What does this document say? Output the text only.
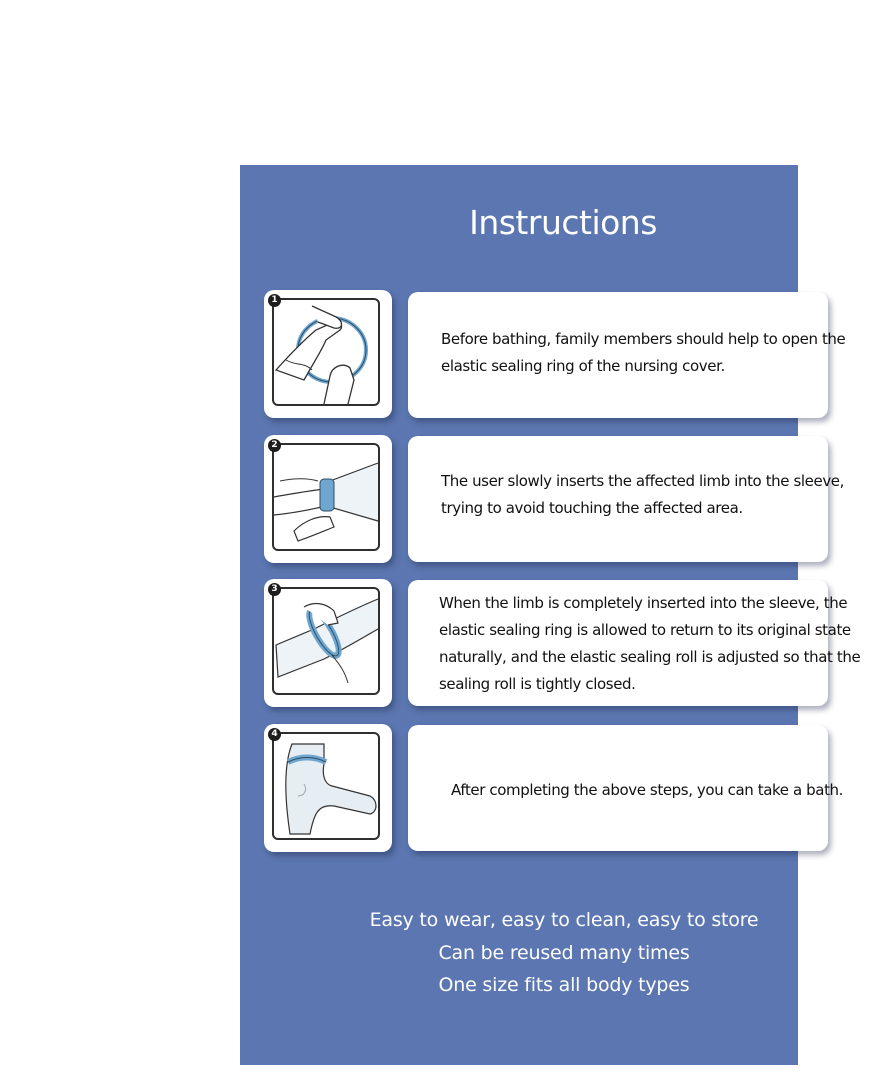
Instructions
1
Before bathing, family members should help to open the
elastic sealing ring of the nursing cover.
2
The user slowly inserts the affected limb into the sleeve,
trying to avoid touching the affected area.
3
When the limb is completely inserted into the sleeve, the
elastic sealing ring is allowed to return to its original state
naturally, and the elastic sealing roll is adjusted so that the
sealing roll is tightly closed.
4
After completing the above steps, you can take a bath.
Easy to wear, easy to clean, easy to store
Can be reused many times
One size fits all body types
